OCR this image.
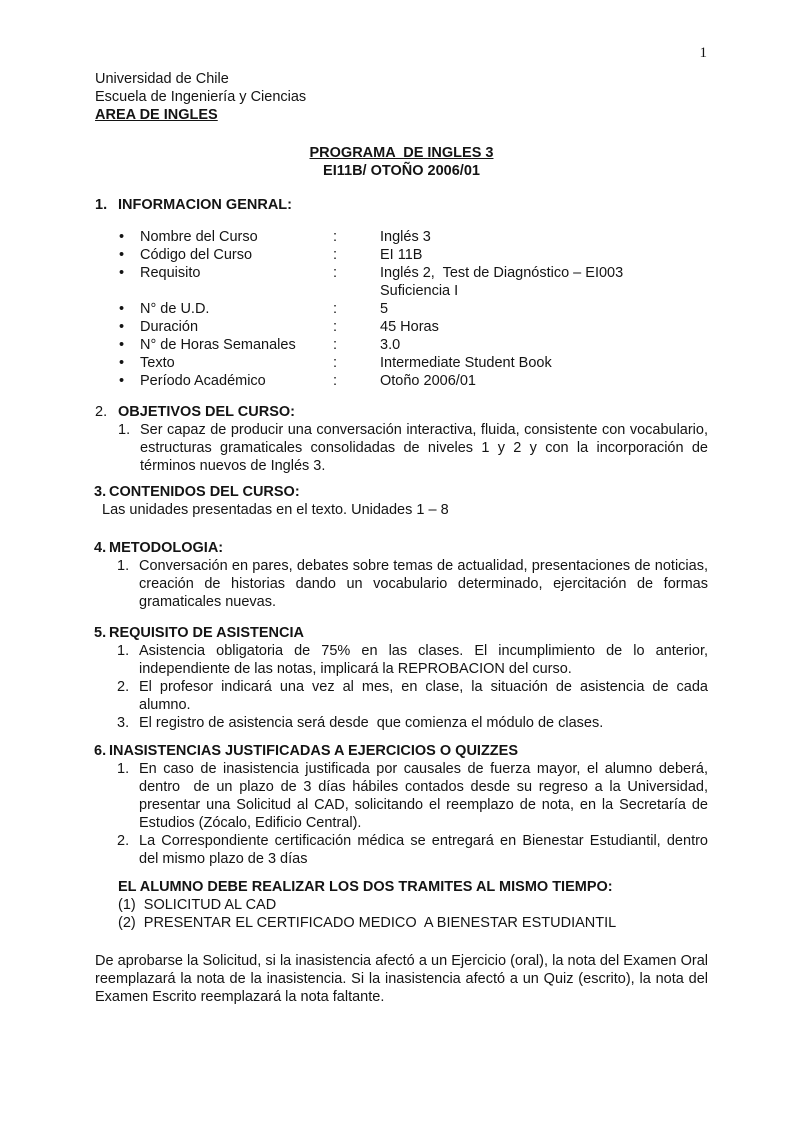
1
Universidad de Chile
Escuela de Ingeniería y Ciencias
AREA DE INGLES
PROGRAMA  DE INGLES 3
EI11B/ OTOÑO 2006/01
1. INFORMACION GENRAL:
•	Nombre del Curso	:	Inglés 3
•	Código del Curso	:	EI 11B
•	Requisito	:	Inglés 2,  Test de Diagnóstico – EI003
Suficiencia I
•	N° de U.D.	:	5
•	Duración	:	45 Horas
•	N° de Horas Semanales	:	3.0
•	Texto	:	Intermediate Student Book
•	Período Académico	:	Otoño 2006/01
2. OBJETIVOS DEL CURSO:
1. Ser capaz de producir una conversación interactiva, fluida, consistente con vocabulario, estructuras gramaticales consolidadas de niveles 1 y 2 y con la incorporación de términos nuevos de Inglés 3.

3. CONTENIDOS DEL CURSO:

Las unidades presentadas en el texto. Unidades 1 – 8

4. METODOLOGIA:
1. Conversación en pares, debates sobre temas de actualidad, presentaciones de noticias, creación de historias dando un vocabulario determinado, ejercitación de formas gramaticales nuevas.

5. REQUISITO DE ASISTENCIA
1. Asistencia obligatoria de 75% en las clases. El incumplimiento de lo anterior, independiente de las notas, implicará la REPROBACION del curso.

2. El profesor indicará una vez al mes, en clase, la situación de asistencia de cada alumno.

3. El registro de asistencia será desde  que comienza el módulo de clases.

6. INASISTENCIAS JUSTIFICADAS A EJERCICIOS O QUIZZES
1. En caso de inasistencia justificada por causales de fuerza mayor, el alumno deberá, dentro  de un plazo de 3 días hábiles contados desde su regreso a la Universidad, presentar una Solicitud al CAD, solicitando el reemplazo de nota, en la Secretaría de Estudios (Zócalo, Edificio Central).

2. La Correspondiente certificación médica se entregará en Bienestar Estudiantil, dentro del mismo plazo de 3 días

EL ALUMNO DEBE REALIZAR LOS DOS TRAMITES AL MISMO TIEMPO:

(1)  SOLICITUD AL CAD

(2)  PRESENTAR EL CERTIFICADO MEDICO  A BIENESTAR ESTUDIANTIL

De aprobarse la Solicitud, si la inasistencia afectó a un Ejercicio (oral), la nota del Examen Oral  reemplazará la nota de la inasistencia. Si la inasistencia afectó a un Quiz (escrito), la nota del Examen Escrito reemplazará la nota faltante.
